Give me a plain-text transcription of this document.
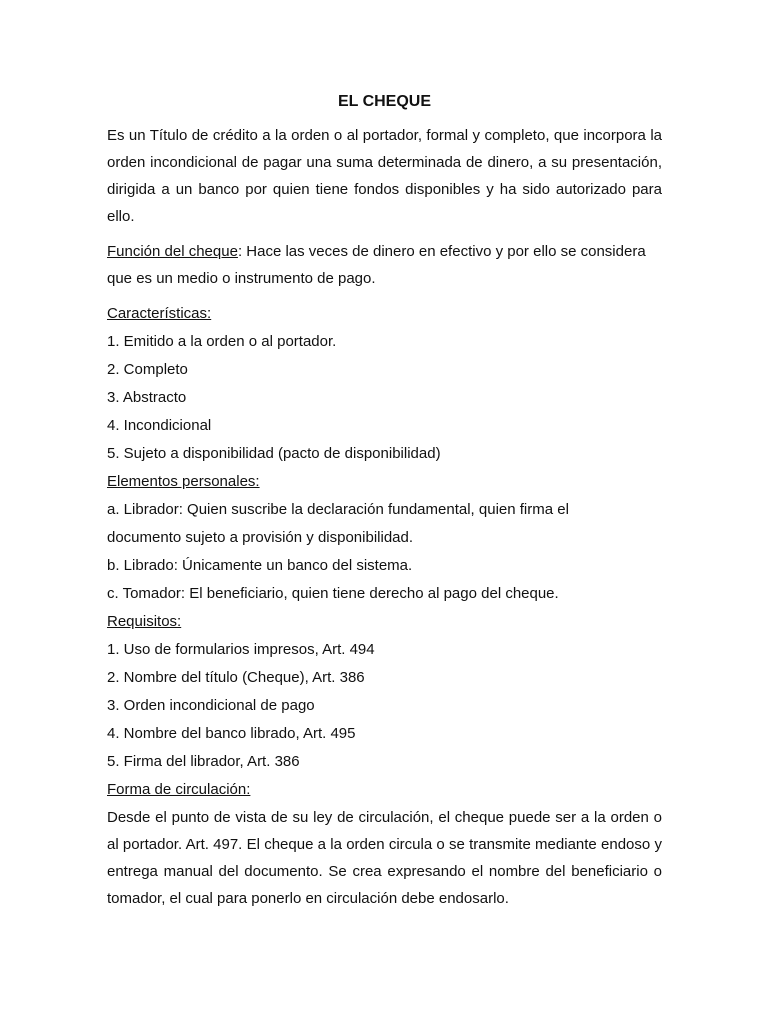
EL CHEQUE

Es un Título de crédito a la orden o al portador, formal y completo, que incorpora la orden incondicional de pagar una suma determinada de dinero, a su presentación, dirigida a un banco por quien tiene fondos disponibles y ha sido autorizado para ello.

Función del cheque: Hace las veces de dinero en efectivo y por ello se considera que es un medio o instrumento de pago.

Características:

1. Emitido a la orden o al portador.

2. Completo

3. Abstracto

4. Incondicional

5. Sujeto a disponibilidad (pacto de disponibilidad)

Elementos personales:

a. Librador: Quien suscribe la declaración fundamental, quien firma el

documento sujeto a provisión y disponibilidad.

b. Librado: Únicamente un banco del sistema.

c. Tomador: El beneficiario, quien tiene derecho al pago del cheque.

Requisitos:

1. Uso de formularios impresos, Art. 494

2. Nombre del título (Cheque), Art. 386

3. Orden incondicional de pago

4. Nombre del banco librado, Art. 495

5. Firma del librador, Art. 386

Forma de circulación:

Desde el punto de vista de su ley de circulación, el cheque puede ser a la orden o al portador. Art. 497. El cheque a la orden circula o se transmite mediante endoso y entrega manual del documento. Se crea expresando el nombre del beneficiario o tomador, el cual para ponerlo en circulación debe endosarlo.
